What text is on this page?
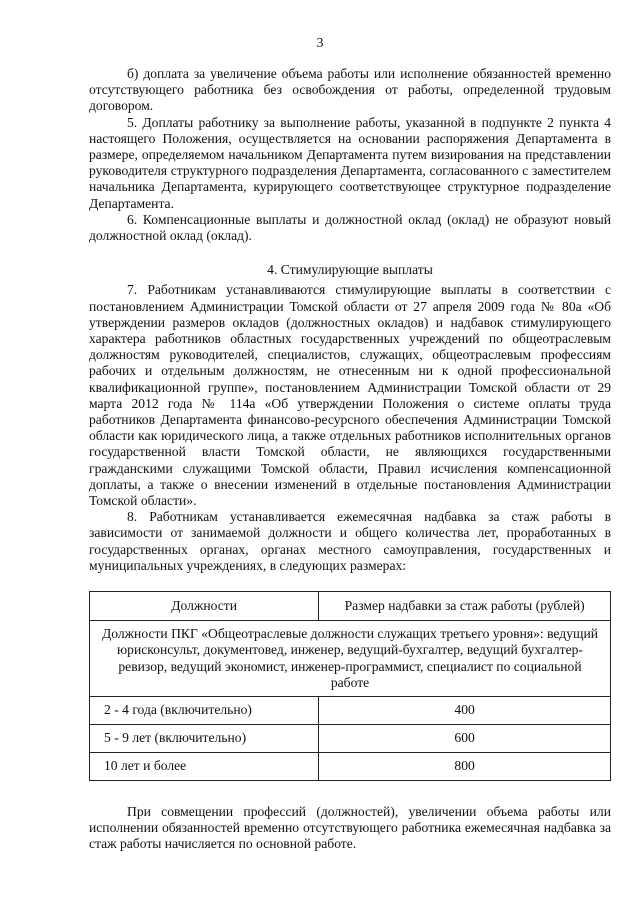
3

б) доплата за увеличение объема работы или исполнение обязанностей временно отсутствующего работника без освобождения от работы, определенной трудовым договором.

5. Доплаты работнику за выполнение работы, указанной в подпункте 2 пункта 4 настоящего Положения, осуществляется на основании распоряжения Департамента в размере, определяемом начальником Департамента путем визирования на представлении руководителя структурного подразделения Департамента, согласованного с заместителем начальника Департамента, курирующего соответствующее структурное подразделение Департамента.

6. Компенсационные выплаты и должностной оклад (оклад) не образуют новый должностной оклад (оклад).

4. Стимулирующие выплаты

7. Работникам устанавливаются стимулирующие выплаты в соответствии с постановлением Администрации Томской области от 27 апреля 2009 года № 80а «Об утверждении размеров окладов (должностных окладов) и надбавок стимулирующего характера работников областных государственных учреждений по общеотраслевым должностям руководителей, специалистов, служащих, общеотраслевым профессиям рабочих и отдельным должностям, не отнесенным ни к одной профессиональной квалификационной группе», постановлением Администрации Томской области от 29 марта 2012 года № 114а «Об утверждении Положения о системе оплаты труда работников Департамента финансово-ресурсного обеспечения Администрации Томской области как юридического лица, а также отдельных работников исполнительных органов государственной власти Томской области, не являющихся государственными гражданскими служащими Томской области, Правил исчисления компенсационной доплаты, а также о внесении изменений в отдельные постановления Администрации Томской области».

8. Работникам устанавливается ежемесячная надбавка за стаж работы в зависимости от занимаемой должности и общего количества лет, проработанных в государственных органах, органах местного самоуправления, государственных и муниципальных учреждениях, в следующих размерах:

Должности	Размер надбавки за стаж работы (рублей)
Должности ПКГ «Общеотраслевые должности служащих третьего уровня»: ведущий юрисконсульт, документовед, инженер, ведущий-бухгалтер, ведущий бухгалтер-ревизор, ведущий экономист, инженер-программист, специалист по социальной работе	
2 - 4 года (включительно)	400
5 - 9 лет (включительно)	600
10 лет и более	800

При совмещении профессий (должностей), увеличении объема работы или исполнении обязанностей временно отсутствующего работника ежемесячная надбавка за стаж работы начисляется по основной работе.
